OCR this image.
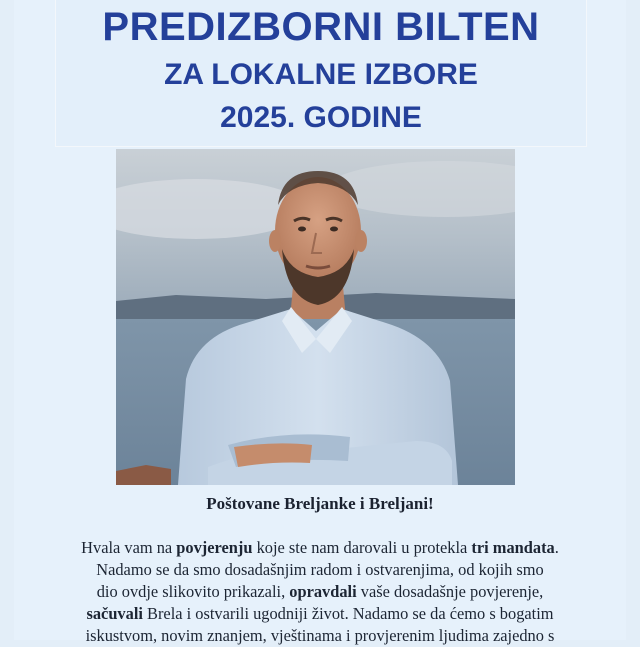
PREDIZBORNI BILTEN
ZA LOKALNE IZBORE
2025. GODINE
Poštovane Breljanke i Breljani!

Hvala vam na povjerenju koje ste nam darovali u protekla tri mandata.

Nadamo se da smo dosadašnjim radom i ostvarenjima, od kojih smo

dio ovdje slikovito prikazali, opravdali vaše dosadašnje povjerenje,

sačuvali Brela i ostvarili ugodniji život. Nadamo se da ćemo s bogatim

iskustvom, novim znanjem, vještinama i provjerenim ljudima zajedno s
